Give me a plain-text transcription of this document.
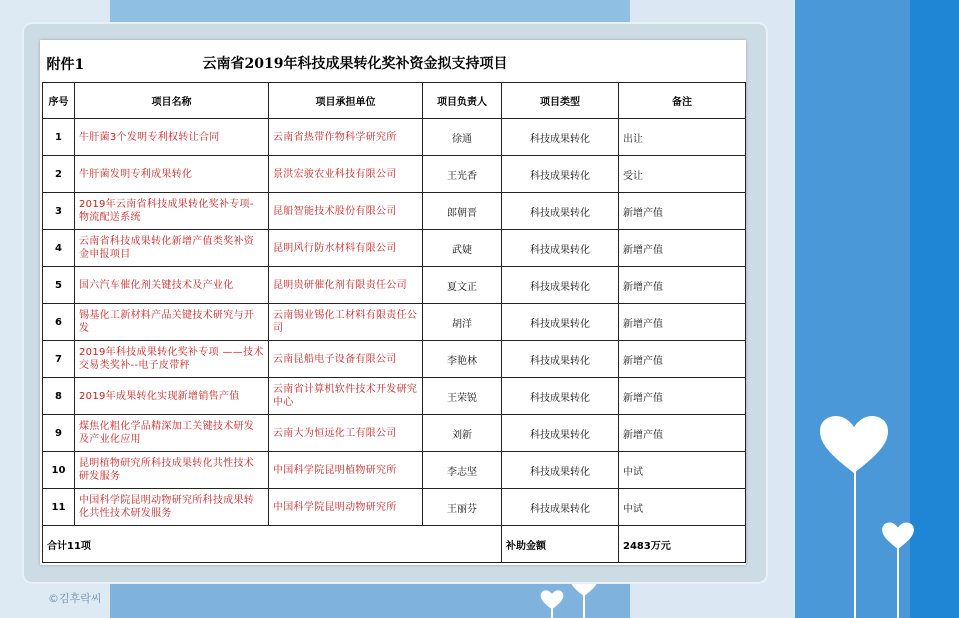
附件1 云南省2019年科技成果转化奖补资金拟支持项目					

序号	项目名称	项目承担单位	项目负责人	项目类型	备注
1	牛肝菌3个发明专利权转让合同	云南省热带作物科学研究所	徐通	科技成果转化	出让
2	牛肝菌发明专利成果转化	景洪宏骏农业科技有限公司	王光香	科技成果转化	受让
3	2019年云南省科技成果转化奖补专项-物流配送系统	昆船智能技术股份有限公司	郎朝晋	科技成果转化	新增产值
4	云南省科技成果转化新增产值类奖补资金申报项目	昆明风行防水材料有限公司	武婕	科技成果转化	新增产值
5	国六汽车催化剂关键技术及产业化	昆明贵研催化剂有限责任公司	夏文正	科技成果转化	新增产值
6	锡基化工新材料产品关键技术研究与开发	云南锡业锡化工材料有限责任公司	胡洋	科技成果转化	新增产值
7	2019年科技成果转化奖补专项 ——技术交易类奖补--电子皮带秤	云南昆船电子设备有限公司	李艳林	科技成果转化	新增产值
8	2019年成果转化实现新增销售产值	云南省计算机软件技术开发研究中心	王荣锐	科技成果转化	新增产值
9	煤焦化粗化学品精深加工关键技术研发及产业化应用	云南大为恒远化工有限公司	刘新	科技成果转化	新增产值
10	昆明植物研究所科技成果转化共性技术研发服务	中国科学院昆明植物研究所	李志坚	科技成果转化	中试
11	中国科学院昆明动物研究所科技成果转化共性技术研发服务	中国科学院昆明动物研究所	王丽芬	科技成果转化	中试
合计11项				补助金额	2483万元
©김후락씨
